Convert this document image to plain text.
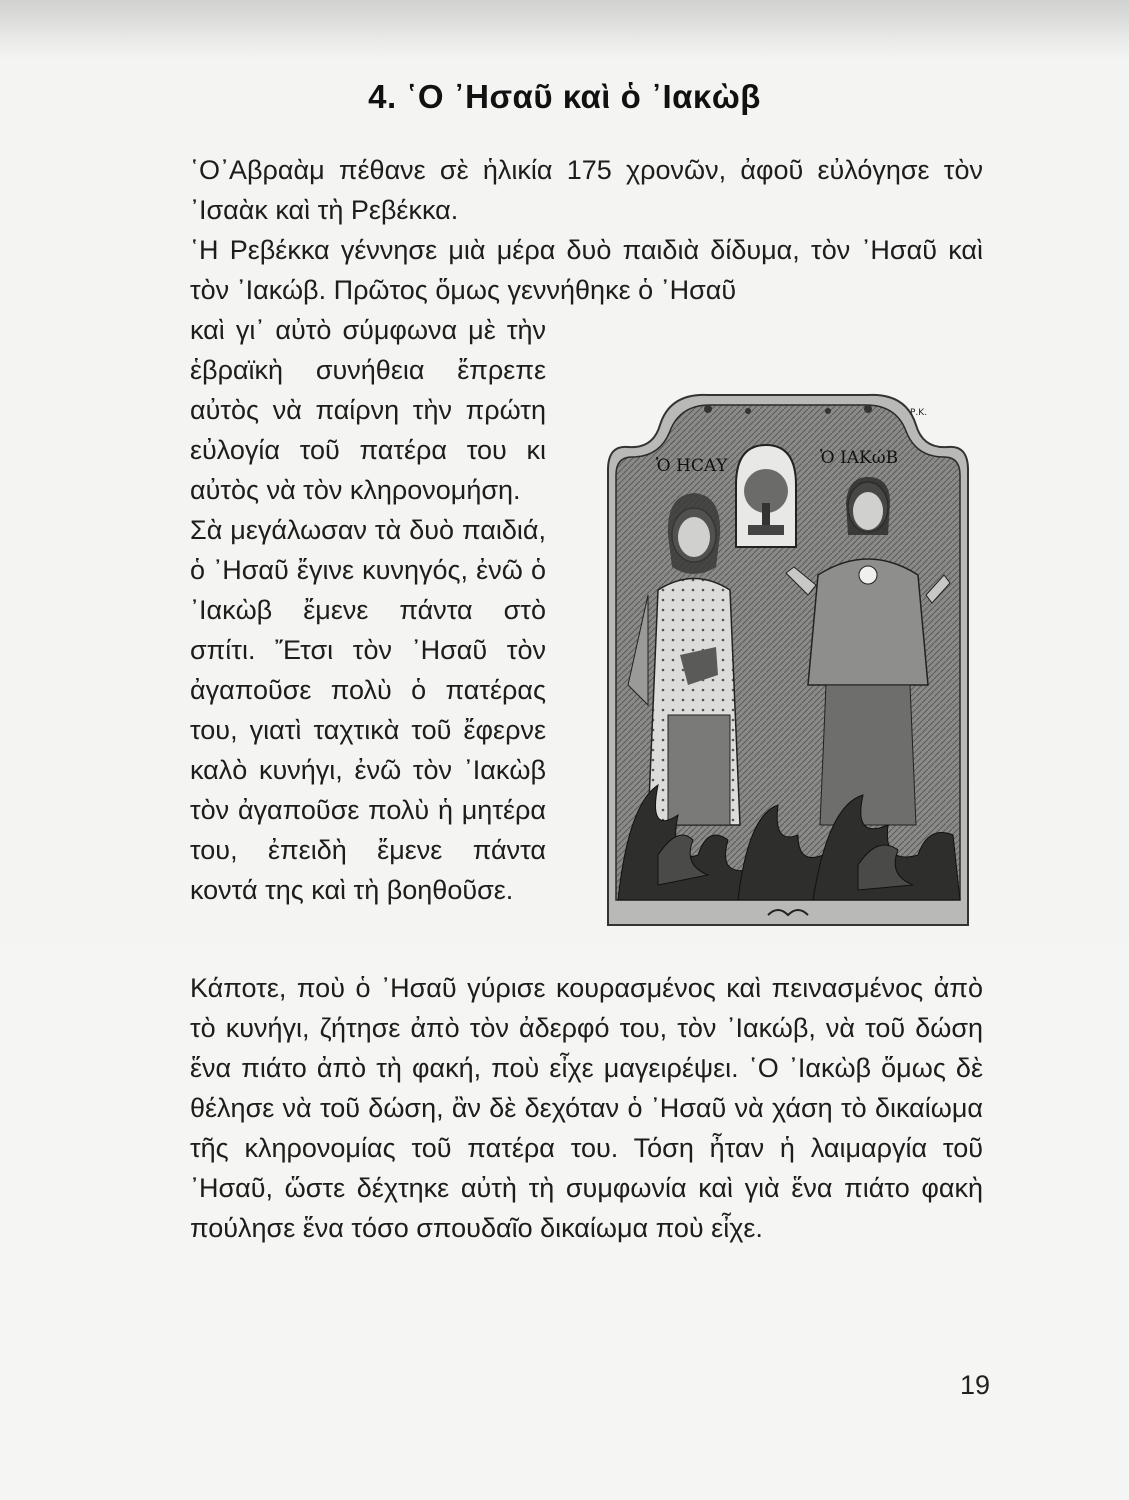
4. ῾Ο ᾿Ησαῦ καὶ ὁ ᾿Ιακὼβ

῾Ο᾿Αβραὰμ πέθανε σὲ ἡλικία 175 χρονῶν, ἀφοῦ εὐλόγησε τὸν ᾿Ισαὰκ καὶ τὴ Ρεβέκκα.

῾Η Ρεβέκκα γέννησε μιὰ μέρα δυὸ παιδιὰ δίδυμα, τὸν ᾿Ησαῦ καὶ τὸν ᾿Ιακώβ. Πρῶτος ὅμως γεννήθηκε ὁ ᾿Ησαῦ

καὶ γι᾿ αὐτὸ σύμφωνα μὲ τὴν ἑβραϊκὴ συνήθεια ἔπρεπε αὐτὸς νὰ παίρνη τὴν πρώτη εὐλογία τοῦ πατέρα του κι αὐτὸς νὰ τὸν κληρονομήση.

Σὰ μεγάλωσαν τὰ δυὸ παιδιά, ὁ ᾿Ησαῦ ἔγινε κυνηγός, ἐνῶ ὁ ᾿Ιακὼβ ἔμενε πάντα στὸ σπίτι. Ἔτσι τὸν ᾿Ησαῦ τὸν ἀγαποῦσε πολὺ ὁ πατέρας του, γιατὶ ταχτικὰ τοῦ ἔφερνε καλὸ κυνήγι, ἐνῶ τὸν ᾿Ιακὼβ τὸν ἀγαποῦσε πολὺ ἡ μητέρα του, ἐπειδὴ ἔμενε πάντα κοντά της καὶ τὴ βοηθοῦσε.

Κάποτε, ποὺ ὁ ᾿Ησαῦ γύρισε κουρασμένος καὶ πεινασμένος ἀπὸ τὸ κυνήγι, ζήτησε ἀπὸ τὸν ἀδερφό του, τὸν ᾿Ιακώβ, νὰ τοῦ δώση ἕνα πιάτο ἀπὸ τὴ φακή, ποὺ εἶχε μαγειρέψει. ῾Ο ᾿Ιακὼβ ὅμως δὲ θέλησε νὰ τοῦ δώση, ἂν δὲ δεχόταν ὁ ᾿Ησαῦ νὰ χάση τὸ δικαίωμα τῆς κληρονομίας τοῦ πατέρα του. Τόση ἦταν ἡ λαιμαργία τοῦ ᾿Ησαῦ, ὥστε δέχτηκε αὐτὴ τὴ συμφωνία καὶ γιὰ ἕνα πιάτο φακὴ πούλησε ἕνα τόσο σπουδαῖο δικαίωμα ποὺ εἶχε.

Ὁ ΗCΑΥ	Ὁ ΙΑΚώΒ
Ρ.Κ.
19
